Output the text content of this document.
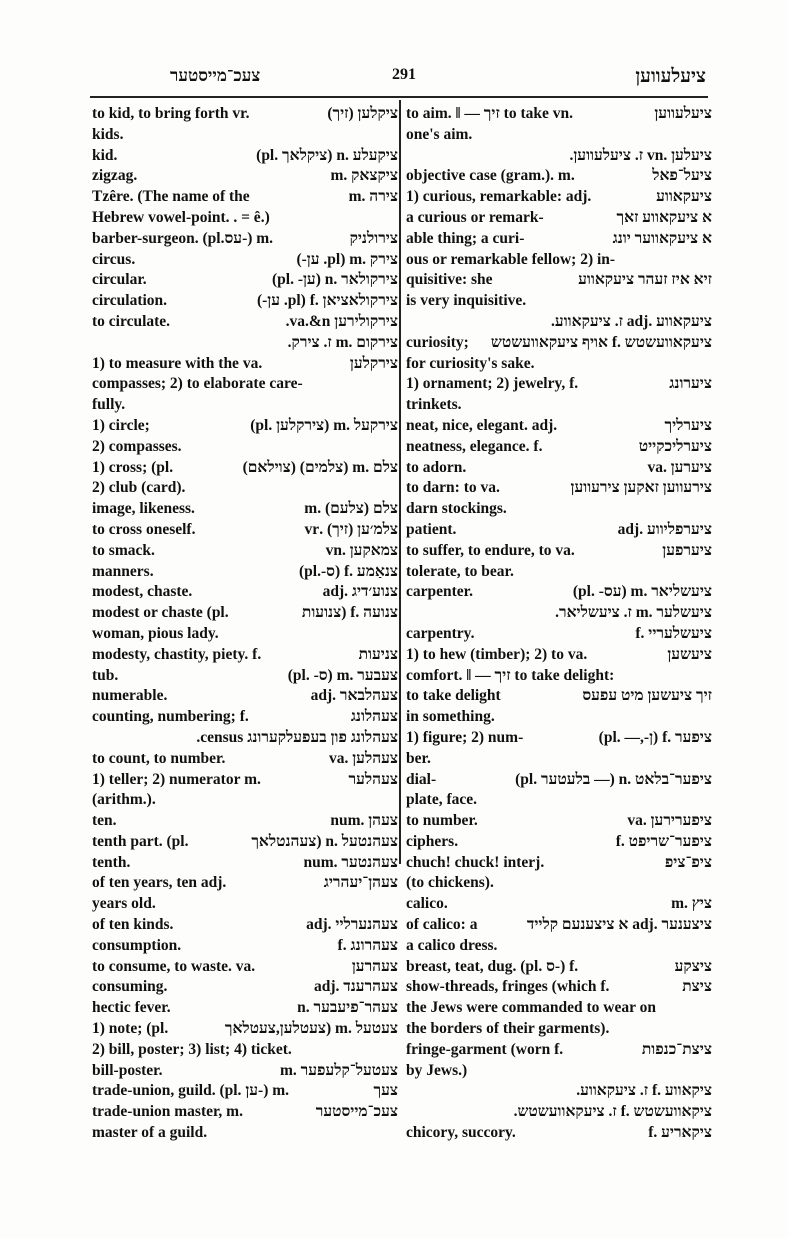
צעכ־מייסטער	291	ציעלעווען
to kid, to bring forth vr.	ציקלען (זיך)
kids.
kid.	ציקעלע .n (ציקלאך .pl)
zigzag.	ציקצאק .m
Tzêre. (The name of the	צירה .m
Hebrew vowel-point. . = ê.)
barber-surgeon. (pl.עס-) m.	צירולניק
circus.	צירק .m (pl. ען-)
circular.	צירקולאר .n (ען- .pl)
circulation.	צירקולאציאן .f (pl. ען-)
to circulate.	צירקולירען va.&n.
צירקום .m ז. צירק.
1) to measure with the va.	צירקלען
compasses; 2) to elaborate care-
fully.
1) circle;	צירקעל .m (צירקלען .pl)
2) compasses.
1) cross; (pl.	צלם .m (צלמים) (צוילאם)
2) club (card).
image, likeness.	צלם (צלעם) .m
to cross oneself.	צלמ׳ען (זיך) .vr
to smack.	צמאקען .vn
manners.	צנאַמע .f (ס-.pl)
modest, chaste.	צנוע׳דיג .adj
modest or chaste (pl.	צנועה .f (צנועות
woman, pious lady.
modesty, chastity, piety. f.	צניעות
tub.	צעבער .m (ס- .pl)
numerable.	צעהלבאר .adj
counting, numbering; f.	צעהלונג
צעהלונג פון בעפעלקערונג census.
to count, to number.	צעהלען .va
1) teller; 2) numerator m.	צעהלער
(arithm.).
ten.	צעהן .num
tenth part. (pl.	צעהנטעל .n (צעהנטלאך
tenth.	צעהנטער .num
of ten years, ten adj.	צעהן־יעהריג
years old.
of ten kinds.	צעהנערליי .adj
consumption.	צעהרונג .f
to consume, to waste. va.	צעהרען
consuming.	צעהרענד .adj
hectic fever.	צעהר־פיעבער .n
1) note; (pl.	צעטעל .m (צעטלען,צעטלאך
2) bill, poster; 3) list; 4) ticket.
bill-poster.	צעטעל־קלעפער .m
trade-union, guild. (pl. ען-) m.	צעך
trade-union master, m.	צעכ־מייסטער
master of a guild.
to aim. ‖ — זיך to take vn.	ציעלעווען
one's aim.
ציעלען .vn ז. ציעלעווען.
objective case (gram.). m.	ציעל־פאל
1) curious, remarkable: adj.	ציעקאווע
a curious or remark-	א ציעקאווע זאך
able thing; a curi-	א ציעקאווער יונג
ous or remarkable fellow; 2) in-
quisitive: she	זיא איז זעהר ציעקאווע
is very inquisitive.
ציעקאווע .adj ז. ציעקאווע.
curiosity; ציעקאוועשטש .f אויף ציעקאוועשטש
for curiosity's sake.
1) ornament; 2) jewelry, f.	ציערונג
trinkets.
neat, nice, elegant. adj.	ציערליך
neatness, elegance. f.	ציערליכקייט
to adorn.	ציערען .va
to darn: to va.	צירעווען זאקען צירעווען
darn stockings.
patient.	ציערפליווע .adj
to suffer, to endure, to va.	ציערפען
tolerate, to bear.
carpenter.	ציעשליאר .m (עס- .pl)
ציעשלער .m ז. ציעשליאר.
carpentry.	ציעשלעריי .f
1) to hew (timber); 2) to va.	ציעשען
comfort. ‖ — זיך to take delight:
to take delight	זיך ציעשען מיט עפעס
in something.
1) figure; 2) num-	ציפער .f (ן-,— .pl)
ber.
dial-	ציפער־בלאט .n (— בלעטער .pl)
plate, face.
to number.	ציפערירען .va
ciphers.	ציפער־שריפט .f
chuch! chuck! interj.	ציפ־ציפ
(to chickens).
calico.	ציץ .m
of calico: a	ציצענער .adj א ציצענעם קלייד
a calico dress.
breast, teat, dug. (pl. ס-) f.	ציצקע
show-threads, fringes (which f.	ציצת
the Jews were commanded to wear on
the borders of their garments).
fringe-garment (worn f.	ציצת־כנפות
by Jews.)
ציקאווע .f ז. ציעקאווע.
ציקאוועשטש .f ז. ציעקאוועשטש.
chicory, succory.	ציקאריע .f
